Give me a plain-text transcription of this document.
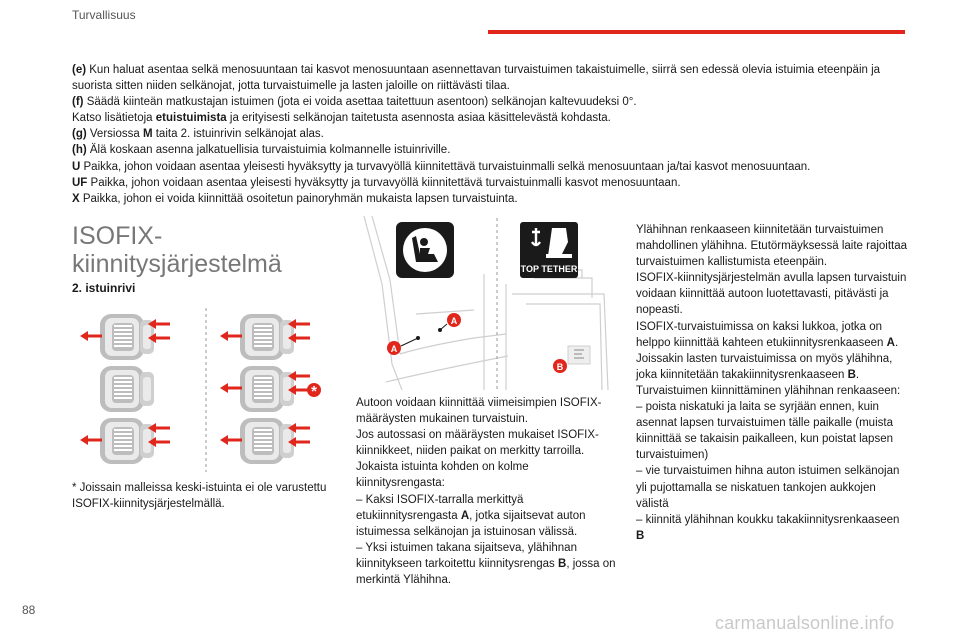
Turvallisuus

(e) Kun haluat asentaa selkä menosuuntaan tai kasvot menosuuntaan asennettavan turvaistuimen takaistuimelle, siirrä sen edessä olevia istuimia eteenpäin ja suorista sitten niiden selkänojat, jotta turvaistuimelle ja lasten jaloille on riittävästi tilaa.

(f) Säädä kiinteän matkustajan istuimen (jota ei voida asettaa taitettuun asentoon) selkänojan kaltevuudeksi 0°.

Katso lisätietoja etuistuimista ja erityisesti selkänojan taitetusta asennosta asiaa käsittelevästä kohdasta.

(g) Versiossa M taita 2. istuinrivin selkänojat alas.

(h) Älä koskaan asenna jalkatuellisia turvaistuimia kolmannelle istuinriville.

U Paikka, johon voidaan asentaa yleisesti hyväksytty ja turvavyöllä kiinnitettävä turvaistuinmalli selkä menosuuntaan ja/tai kasvot menosuuntaan.

UF Paikka, johon voidaan asentaa yleisesti hyväksytty ja turvavyöllä kiinnitettävä turvaistuinmalli kasvot menosuuntaan.

X Paikka, johon ei voida kiinnittää osoitetun painoryhmän mukaista lapsen turvaistuinta.

ISOFIX-
kiinnitysjärjestelmä
2. istuinrivi
*

* Joissain malleissa keski-istuinta ei ole varustettu ISOFIX-kiinnitysjärjestelmällä.

TOP TETHER
A
A
B

Autoon voidaan kiinnittää viimeisimpien ISOFIX-määräysten mukainen turvaistuin.

Jos autossasi on määräysten mukaiset ISOFIX-kiinnikkeet, niiden paikat on merkitty tarroilla. Jokaista istuinta kohden on kolme kiinnitysrengasta:

– Kaksi ISOFIX-tarralla merkittyä etukiinnitysrengasta A, jotka sijaitsevat auton istuimessa selkänojan ja istuinosan välissä.

– Yksi istuimen takana sijaitseva, ylähihnan kiinnitykseen tarkoitettu kiinnitysrengas B, jossa on merkintä Ylähihna.

Ylähihnan renkaaseen kiinnitetään turvaistuimen mahdollinen ylähihna. Etutörmäyksessä laite rajoittaa turvaistuimen kallistumista eteenpäin.

ISOFIX-kiinnitysjärjestelmän avulla lapsen turvaistuin voidaan kiinnittää autoon luotettavasti, pitävästi ja nopeasti.

ISOFIX-turvaistuimissa on kaksi lukkoa, jotka on helppo kiinnittää kahteen etukiinnitysrenkaaseen A.

Joissakin lasten turvaistuimissa on myös ylähihna, joka kiinnitetään takakiinnitysrenkaaseen B.

Turvaistuimen kiinnittäminen ylähihnan renkaaseen:

– poista niskatuki ja laita se syrjään ennen, kuin asennat lapsen turvaistuimen tälle paikalle (muista kiinnittää se takaisin paikalleen, kun poistat lapsen turvaistuimen)

– vie turvaistuimen hihna auton istuimen selkänojan yli pujottamalla se niskatuen tankojen aukkojen välistä

– kiinnitä ylähihnan koukku takakiinnitysrenkaaseen B

88
carmanualsonline.info
